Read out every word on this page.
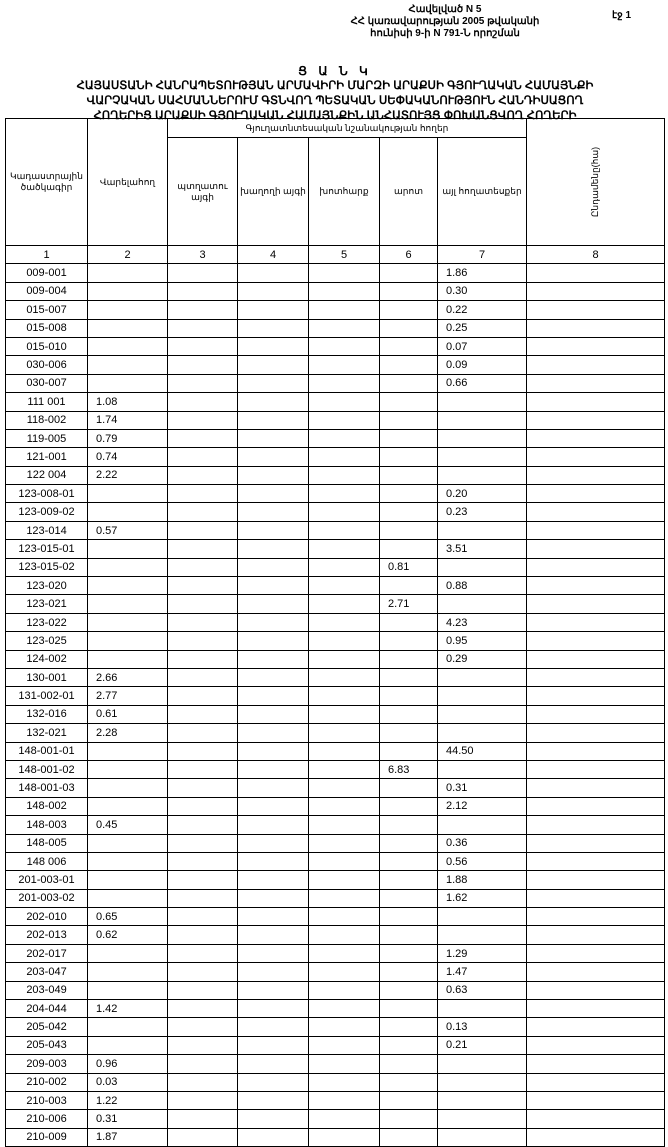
Հավելված N 5
ՀՀ կառավարության 2005 թվականի
հունիսի 9-ի N 791-Ն որոշման
էջ 1
Ց Ա Ն Կ
ՀԱՅԱՍՏԱՆԻ ՀԱՆՐԱՊԵՏՈՒԹՅԱՆ ԱՐՄԱՎԻՐԻ ՄԱՐԶԻ ԱՐԱՔՍԻ ԳՅՈՒՂԱԿԱՆ ՀԱՄԱՅՆՔԻ
ՎԱՐՉԱԿԱՆ ՍԱՀՄԱՆՆԵՐՈՒՄ ԳՏՆՎՈՂ ՊԵՏԱԿԱՆ ՍԵՓԱԿԱՆՈՒԹՅՈՒՆ ՀԱՆԴԻՍԱՑՈՂ
ՀՈՂԵՐԻՑ ԱՐԱՔՍԻ ԳՅՈՒՂԱԿԱՆ ՀԱՄԱՅՆՔԻՆ ԱՆՀԱՏՈՒՅՑ ՓՈԽԱՆՑՎՈՂ ՀՈՂԵՐԻ
Կադաստրային ծածկագիր	Վարելահող	Գյուղատնտեսական նշանակության հողեր					Ընդամենը(հա)
		պտղատու այգի	խաղողի այգի	խոտհարք	արոտ	այլ հողատեսքեր	
1	2	3	4	5	6	7	8
009-001						1.86	
009-004						0.30	
015-007						0.22	
015-008						0.25	
015-010						0.07	
030-006						0.09	
030-007						0.66	
111 001	1.08						
118-002	1.74						
119-005	0.79						
121-001	0.74						
122 004	2.22						
123-008-01						0.20	
123-009-02						0.23	
123-014	0.57						
123-015-01						3.51	
123-015-02					0.81		
123-020						0.88	
123-021					2.71		
123-022						4.23	
123-025						0.95	
124-002						0.29	
130-001	2.66						
131-002-01	2.77						
132-016	0.61						
132-021	2.28						
148-001-01						44.50	
148-001-02					6.83		
148-001-03						0.31	
148-002						2.12	
148-003	0.45						
148-005						0.36	
148 006						0.56	
201-003-01						1.88	
201-003-02						1.62	
202-010	0.65						
202-013	0.62						
202-017						1.29	
203-047						1.47	
203-049						0.63	
204-044	1.42						
205-042						0.13	
205-043						0.21	
209-003	0.96						
210-002	0.03						
210-003	1.22						
210-006	0.31						
210-009	1.87						
